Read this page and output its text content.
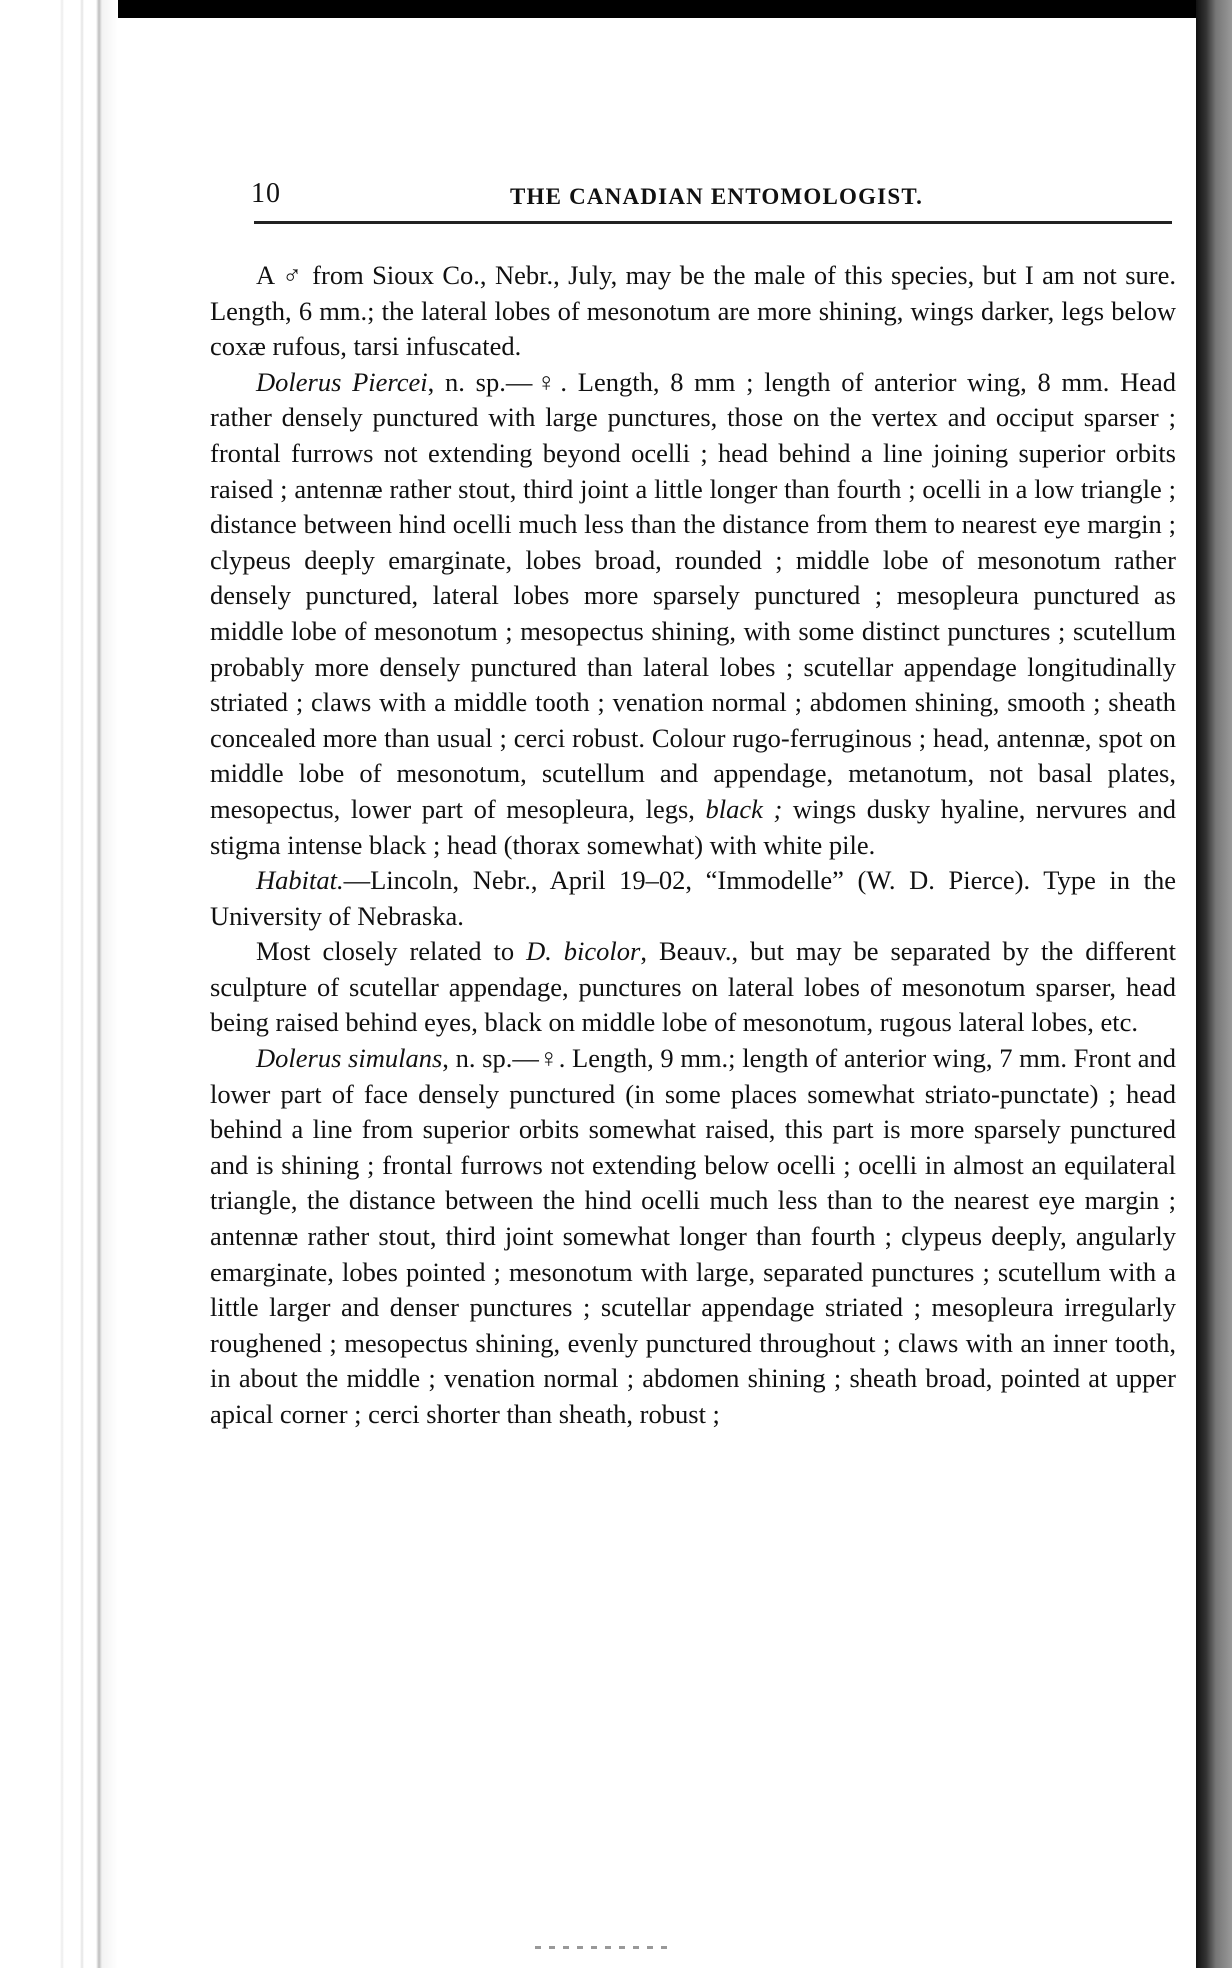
10	THE CANADIAN ENTOMOLOGIST.

A ♂ from Sioux Co., Nebr., July, may be the male of this species, but I am not sure. Length, 6 mm.; the lateral lobes of mesonotum are more shining, wings darker, legs below coxæ rufous, tarsi infuscated.

Dolerus Piercei, n. sp.—♀. Length, 8 mm ; length of anterior wing, 8 mm. Head rather densely punctured with large punctures, those on the vertex and occiput sparser ; frontal furrows not extending beyond ocelli ; head behind a line joining superior orbits raised ; antennæ rather stout, third joint a little longer than fourth ; ocelli in a low triangle ; distance between hind ocelli much less than the distance from them to nearest eye margin ; clypeus deeply emarginate, lobes broad, rounded ; middle lobe of mesonotum rather densely punctured, lateral lobes more sparsely punctured ; mesopleura punctured as middle lobe of mesonotum ; mesopectus shining, with some distinct punctures ; scutellum probably more densely punctured than lateral lobes ; scutellar appendage longitudinally striated ; claws with a middle tooth ; venation normal ; abdomen shining, smooth ; sheath concealed more than usual ; cerci robust. Colour rugo-ferruginous ; head, antennæ, spot on middle lobe of mesonotum, scutellum and appendage, metanotum, not basal plates, mesopectus, lower part of mesopleura, legs, black ; wings dusky hyaline, nervures and stigma intense black ; head (thorax somewhat) with white pile.

Habitat.—Lincoln, Nebr., April 19–02, “Immodelle” (W. D. Pierce). Type in the University of Nebraska.

Most closely related to D. bicolor, Beauv., but may be separated by the different sculpture of scutellar appendage, punctures on lateral lobes of mesonotum sparser, head being raised behind eyes, black on middle lobe of mesonotum, rugous lateral lobes, etc.

Dolerus simulans, n. sp.—♀. Length, 9 mm.; length of anterior wing, 7 mm. Front and lower part of face densely punctured (in some places somewhat striato-punctate) ; head behind a line from superior orbits somewhat raised, this part is more sparsely punctured and is shining ; frontal furrows not extending below ocelli ; ocelli in almost an equilateral triangle, the distance between the hind ocelli much less than to the nearest eye margin ; antennæ rather stout, third joint somewhat longer than fourth ; clypeus deeply, angularly emarginate, lobes pointed ; mesonotum with large, separated punctures ; scutellum with a little larger and denser punctures ; scutellar appendage striated ; mesopleura irregularly roughened ; mesopectus shining, evenly punctured throughout ; claws with an inner tooth, in about the middle ; venation normal ; abdomen shining ; sheath broad, pointed at upper apical corner ; cerci shorter than sheath, robust ;
